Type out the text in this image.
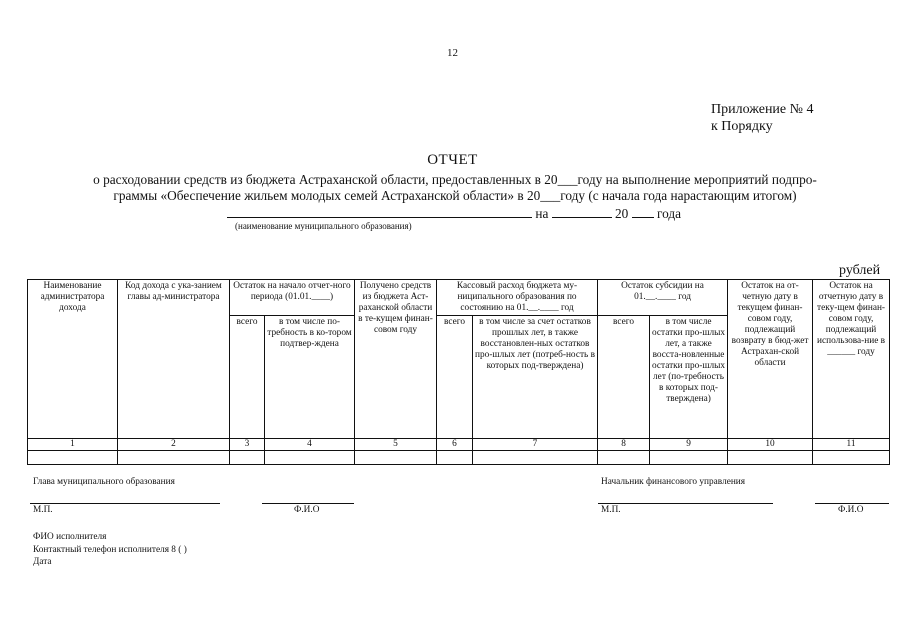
12
Приложение № 4
к Порядку
ОТЧЕТ
о расходовании средств из бюджета Астраханской области, предоставленных в 20___году на выполнение мероприятий подпро-
граммы «Обеспечение жильем молодых семей Астраханской области» в 20___году (с начала года нарастающим итогом)
на	20 года
(наименование муниципального образования)
рублей
Наименование администратора дохода	Код дохода с ука-занием главы ад-министратора	Остаток на начало отчет-ного периода (01.01.____)		Получено средств из бюджета Аст-раханской области в те-кущем финан-совом году	Кассовый расход бюджета му-ниципального образования по состоянию на 01.__.____ год		Остаток субсидии на 01.__.____ год		Остаток на от-четную дату в текущем финан-совом году, подлежащий возврату в бюд-жет Астрахан-ской области	Остаток на отчетную дату в теку-щем финан-совом году, подлежащий использова-ние в ______ году
		всего	в том числе по-требность в ко-тором подтвер-ждена		всего	в том числе за счет остатков прошлых лет, в также восстановлен-ных остатков про-шлых лет (потреб-ность в которых под-тверждена)	всего	в том числе остатки про-шлых лет, а также восста-новленные остатки про-шлых лет (по-требность в которых под-тверждена)		
1	2	3	4	5	6	7	8	9	10	11

Глава муниципального образования
М.П.	Ф.И.О
Начальник финансового управления
М.П.	Ф.И.О
ФИО исполнителя
Контактный телефон исполнителя 8 ( )
Дата
